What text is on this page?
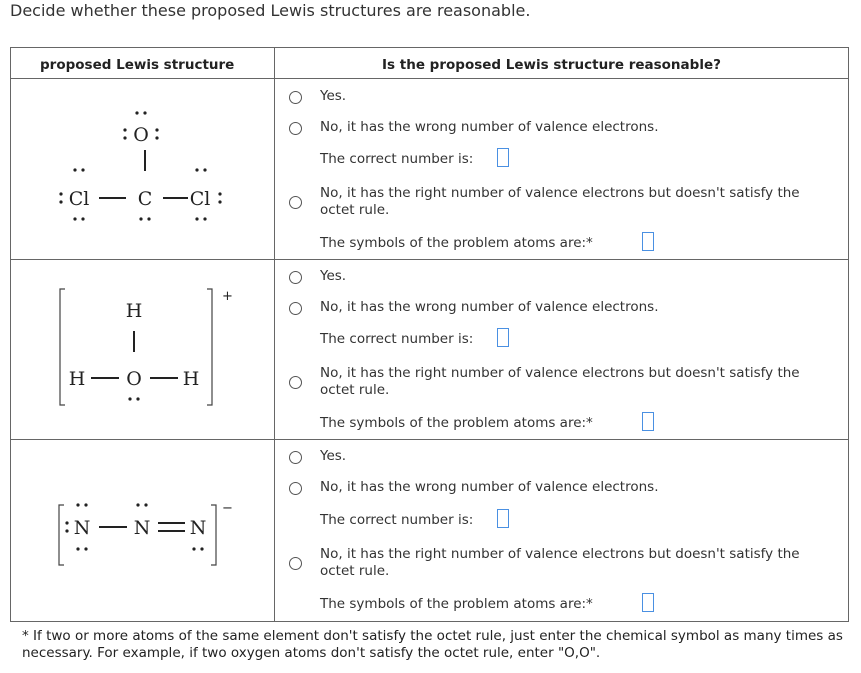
Decide whether these proposed Lewis structures are reasonable.
proposed Lewis structure	Is the proposed Lewis structure reasonable?
O
Cl	C Cl
+
H
H O H
−
N N N
Yes.
No, it has the wrong number of valence electrons.
The correct number is:
No, it has the right number of valence electrons but doesn't satisfy the
octet rule.
The symbols of the problem atoms are:*
Yes.
No, it has the wrong number of valence electrons.
The correct number is:
No, it has the right number of valence electrons but doesn't satisfy the
octet rule.
The symbols of the problem atoms are:*
Yes.
No, it has the wrong number of valence electrons.
The correct number is:
No, it has the right number of valence electrons but doesn't satisfy the
octet rule.
The symbols of the problem atoms are:*
* If two or more atoms of the same element don't satisfy the octet rule, just enter the chemical symbol as many times as necessary. For example, if two oxygen atoms don't satisfy the octet rule, enter "O,O".
